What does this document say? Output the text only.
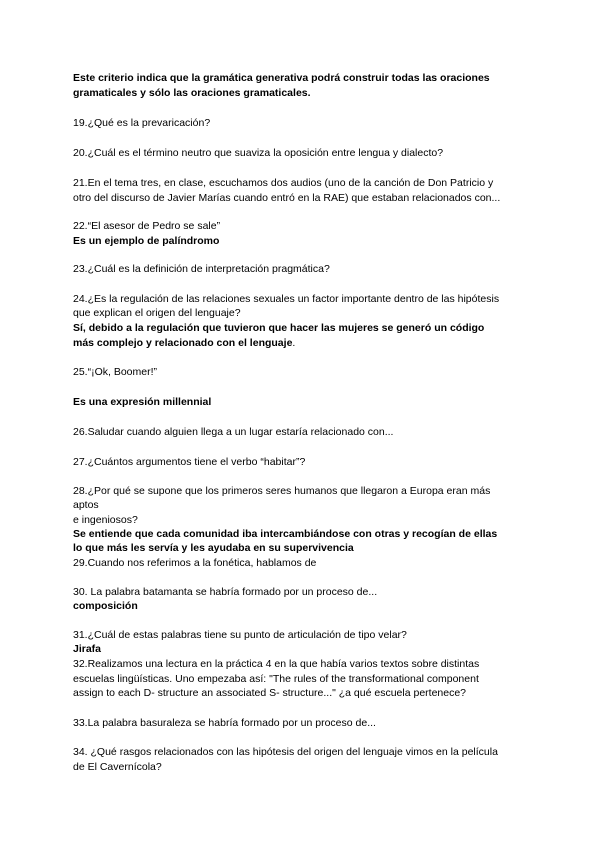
Este criterio indica que la gramática generativa podrá construir todas las oraciones

gramaticales y sólo las oraciones gramaticales.

19.¿Qué es la prevaricación?

20.¿Cuál es el término neutro que suaviza la oposición entre lengua y dialecto?

21.En el tema tres, en clase, escuchamos dos audios (uno de la canción de Don Patricio y

otro del discurso de Javier Marías cuando entró en la RAE) que estaban relacionados con...

22.“El asesor de Pedro se sale”

Es un ejemplo de palíndromo

23.¿Cuál es la definición de interpretación pragmática?

24.¿Es la regulación de las relaciones sexuales un factor importante dentro de las hipótesis

que explican el origen del lenguaje?

Sí, debido a la regulación que tuvieron que hacer las mujeres se generó un código

más complejo y relacionado con el lenguaje.

25.“¡Ok, Boomer!”

Es una expresión millennial

26.Saludar cuando alguien llega a un lugar estaría relacionado con...

27.¿Cuántos argumentos tiene el verbo “habitar”?

28.¿Por qué se supone que los primeros seres humanos que llegaron a Europa eran más

aptos

e ingeniosos?

Se entiende que cada comunidad iba intercambiándose con otras y recogían de ellas

lo que más les servía y les ayudaba en su supervivencia

29.Cuando nos referimos a la fonética, hablamos de

30. La palabra batamanta se habría formado por un proceso de...

composición

31.¿Cuál de estas palabras tiene su punto de articulación de tipo velar?

Jirafa

32.Realizamos una lectura en la práctica 4 en la que había varios textos sobre distintas

escuelas lingüísticas. Uno empezaba así: "The rules of the transformational component

assign to each D- structure an associated S- structure..." ¿a qué escuela pertenece?

33.La palabra basuraleza se habría formado por un proceso de...

34. ¿Qué rasgos relacionados con las hipótesis del origen del lenguaje vimos en la película

de El Cavernícola?
